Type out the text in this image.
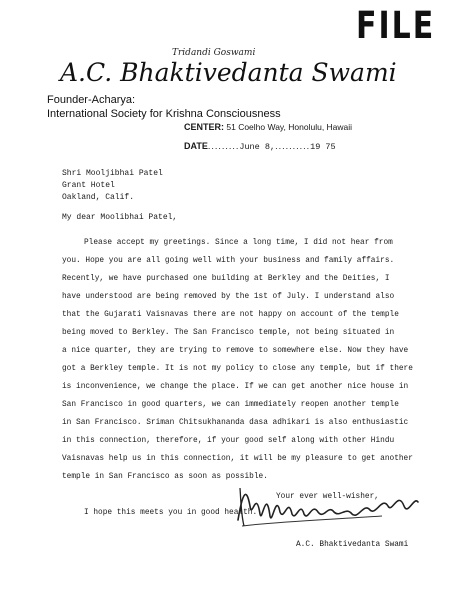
FILE
Tridandi Goswami
A.C. Bhaktivedanta Swami
Founder-Acharya:
International Society for Krishna Consciousness
CENTER: 51 Coelho Way, Honolulu, Hawaii
DATE.........June 8,..........19 75
Shri Mooljibhai Patel
Grant Hotel
Oakland, Calif.
My dear Moolibhai Patel,
Please accept my greetings. Since a long time, I did not hear from
you. Hope you are all going well with your business and family affairs.
Recently, we have purchased one building at Berkley and the Deities, I
have understood are being removed by the 1st of July. I understand also
that the Gujarati Vaisnavas there are not happy on account of the temple
being moved to Berkley. The San Francisco temple, not being situated in
a nice quarter, they are trying to remove to somewhere else. Now they have
got a Berkley temple. It is not my policy to close any temple, but if there
is inconvenience, we change the place. If we can get another nice house in
San Francisco in good quarters, we can immediately reopen another temple
in San Francisco. Sriman Chitsukhananda dasa adhikari is also enthusiastic
in this connection, therefore, if your good self along with other Hindu
Vaisnavas help us in this connection, it will be my pleasure to get another
temple in San Francisco as soon as possible.
I hope this meets you in good health.
Your ever well-wisher,
A.C. Bhaktivedanta Swami
